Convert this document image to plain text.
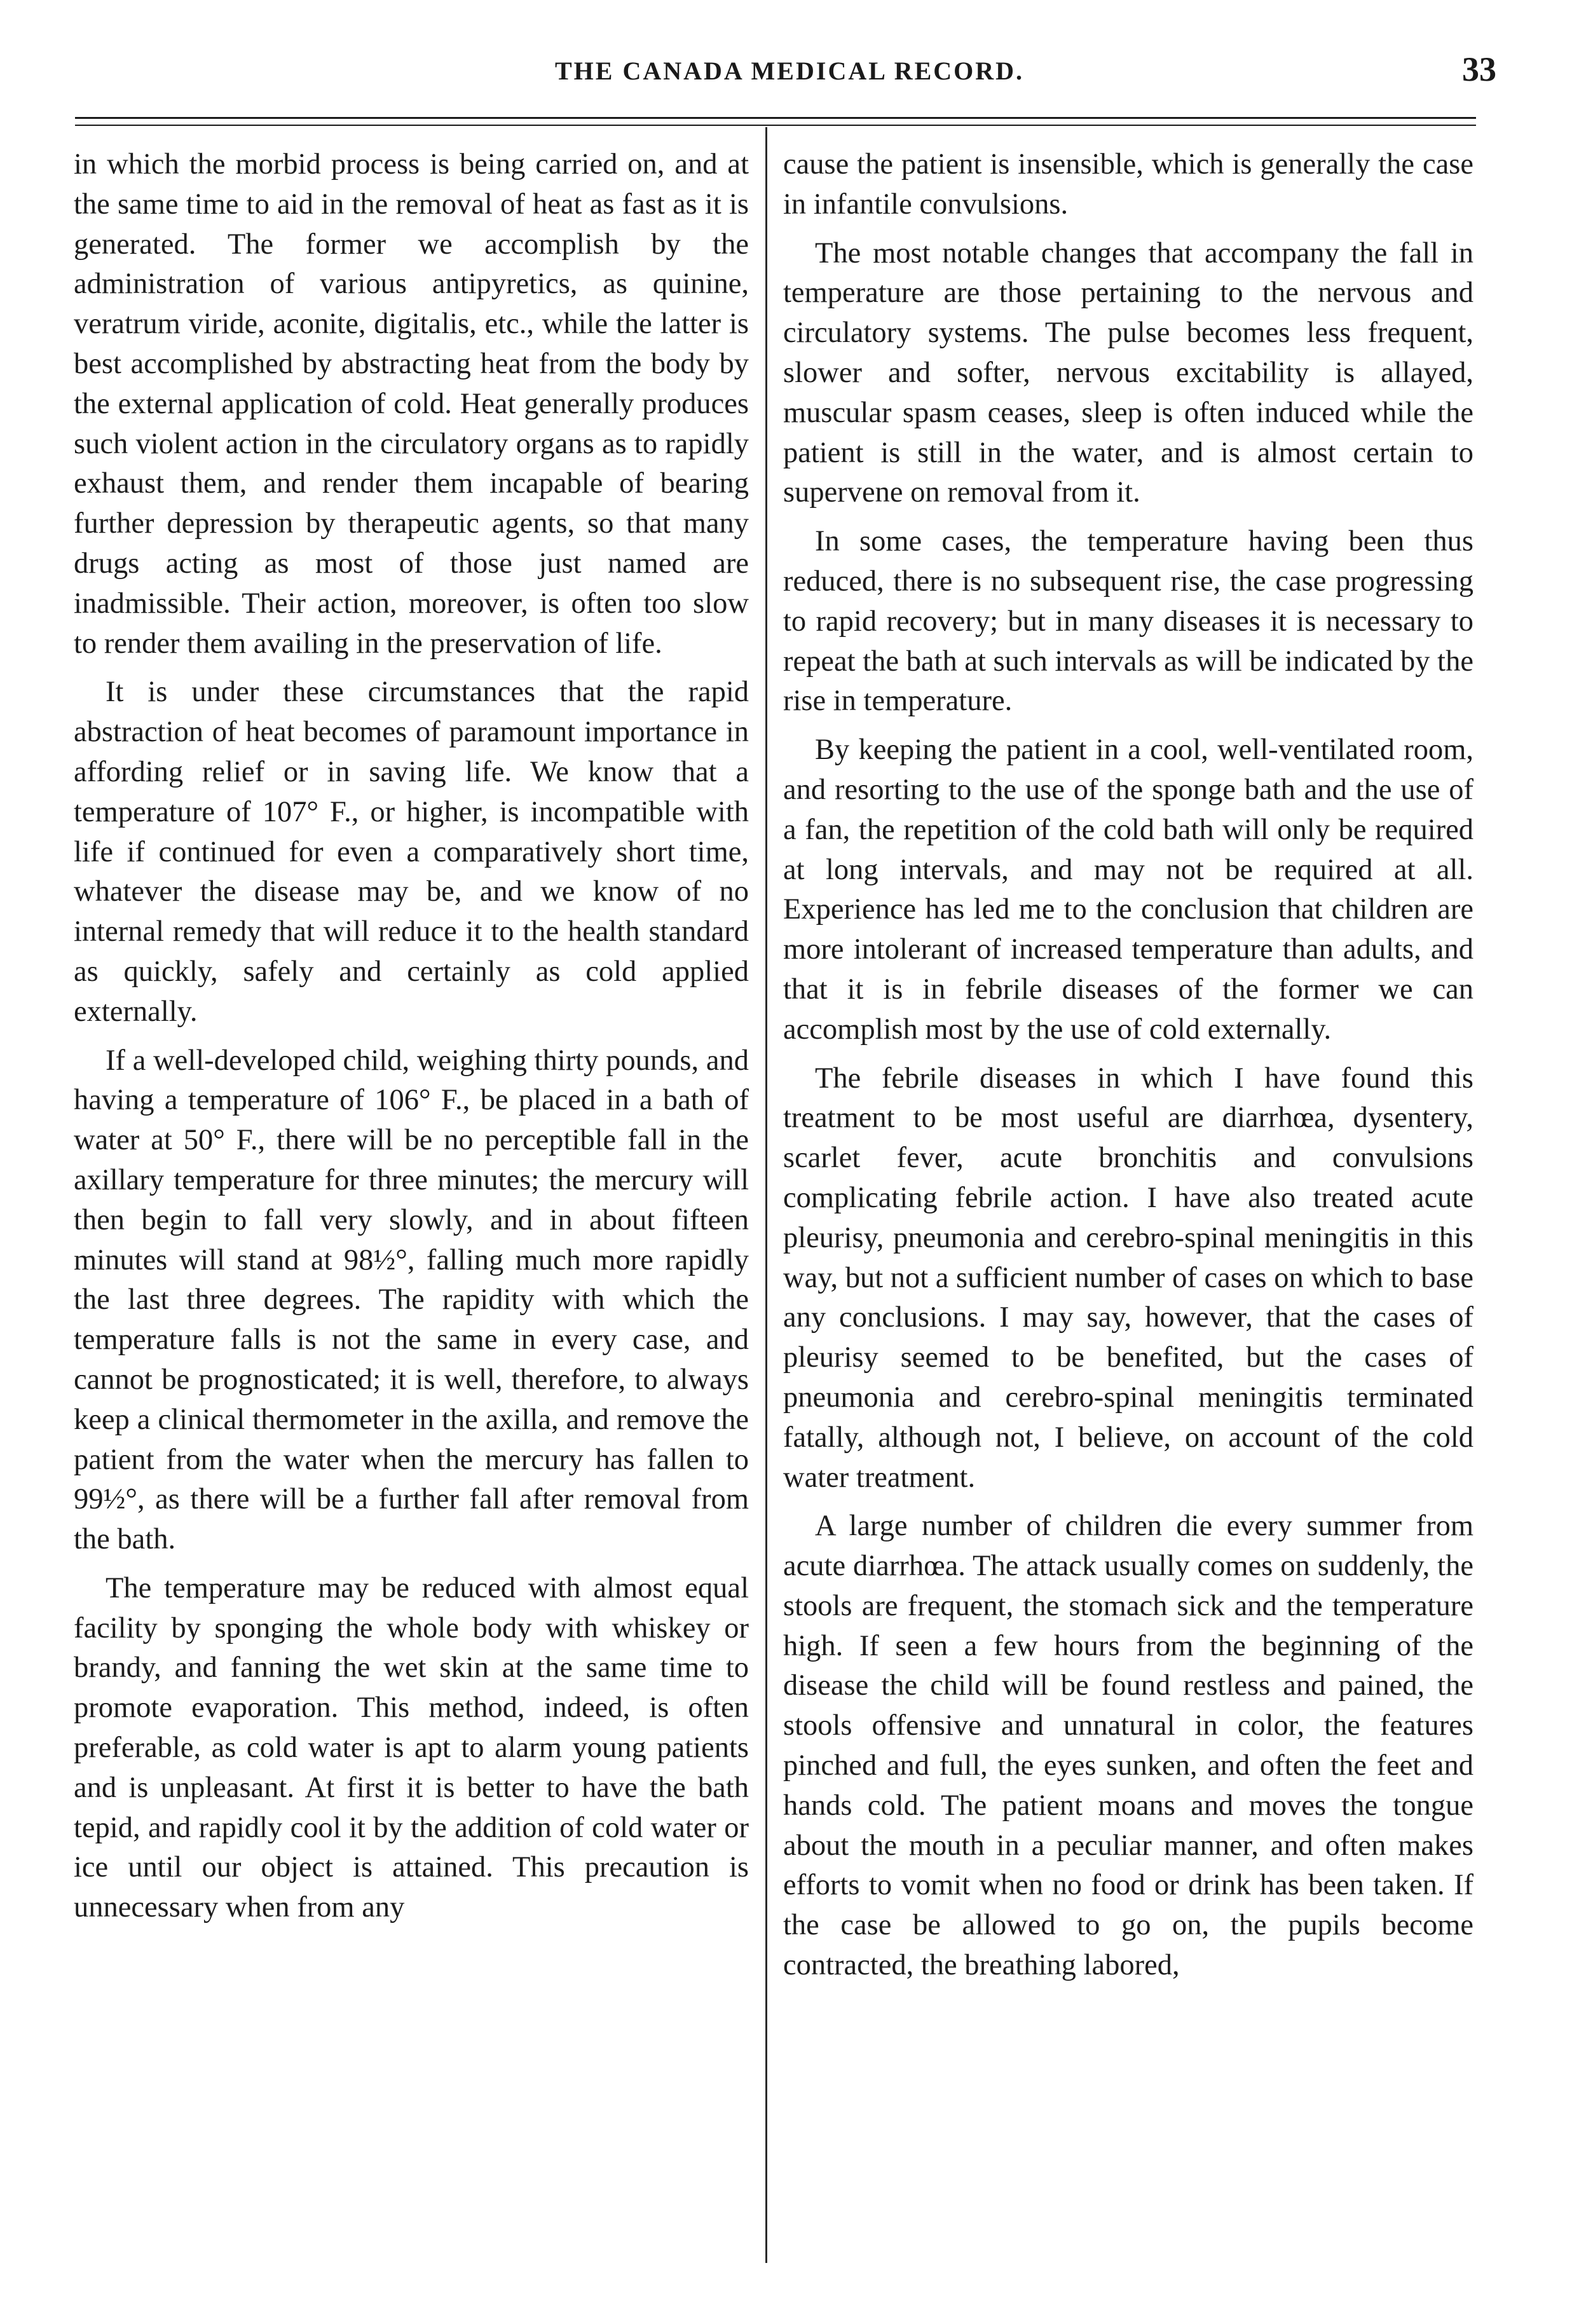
THE CANADA MEDICAL RECORD.	33

in which the morbid process is being carried on, and at the same time to aid in the removal of heat as fast as it is generated. The former we accomplish by the administration of various antipyretics, as quinine, veratrum viride, aconite, digitalis, etc., while the latter is best accomplished by abstracting heat from the body by the external application of cold. Heat generally produces such violent action in the circulatory organs as to rapidly exhaust them, and render them incapable of bearing further depression by therapeutic agents, so that many drugs acting as most of those just named are inadmissible. Their action, moreover, is often too slow to render them availing in the preservation of life.

It is under these circumstances that the rapid abstraction of heat becomes of paramount importance in affording relief or in saving life. We know that a temperature of 107° F., or higher, is incompatible with life if continued for even a comparatively short time, whatever the disease may be, and we know of no internal remedy that will reduce it to the health standard as quickly, safely and certainly as cold applied externally.

If a well-developed child, weighing thirty pounds, and having a temperature of 106° F., be placed in a bath of water at 50° F., there will be no perceptible fall in the axillary temperature for three minutes; the mercury will then begin to fall very slowly, and in about fifteen minutes will stand at 98½°, falling much more rapidly the last three degrees. The rapidity with which the temperature falls is not the same in every case, and cannot be prognosticated; it is well, therefore, to always keep a clinical thermometer in the axilla, and remove the patient from the water when the mercury has fallen to 99½°, as there will be a further fall after removal from the bath.

The temperature may be reduced with almost equal facility by sponging the whole body with whiskey or brandy, and fanning the wet skin at the same time to promote evaporation. This method, indeed, is often preferable, as cold water is apt to alarm young patients and is unpleasant. At first it is better to have the bath tepid, and rapidly cool it by the addition of cold water or ice until our object is attained. This precaution is unnecessary when from any

cause the patient is insensible, which is generally the case in infantile convulsions.

The most notable changes that accompany the fall in temperature are those pertaining to the nervous and circulatory systems. The pulse becomes less frequent, slower and softer, nervous excitability is allayed, muscular spasm ceases, sleep is often induced while the patient is still in the water, and is almost certain to supervene on removal from it.

In some cases, the temperature having been thus reduced, there is no subsequent rise, the case progressing to rapid recovery; but in many diseases it is necessary to repeat the bath at such intervals as will be indicated by the rise in temperature.

By keeping the patient in a cool, well-ventilated room, and resorting to the use of the sponge bath and the use of a fan, the repetition of the cold bath will only be required at long intervals, and may not be required at all. Experience has led me to the conclusion that children are more intolerant of increased temperature than adults, and that it is in febrile diseases of the former we can accomplish most by the use of cold externally.

The febrile diseases in which I have found this treatment to be most useful are diarrhœa, dysentery, scarlet fever, acute bronchitis and convulsions complicating febrile action. I have also treated acute pleurisy, pneumonia and cerebro-spinal meningitis in this way, but not a sufficient number of cases on which to base any conclusions. I may say, however, that the cases of pleurisy seemed to be benefited, but the cases of pneumonia and cerebro-spinal meningitis terminated fatally, although not, I believe, on account of the cold water treatment.

A large number of children die every summer from acute diarrhœa. The attack usually comes on suddenly, the stools are frequent, the stomach sick and the temperature high. If seen a few hours from the beginning of the disease the child will be found restless and pained, the stools offensive and unnatural in color, the features pinched and full, the eyes sunken, and often the feet and hands cold. The patient moans and moves the tongue about the mouth in a peculiar manner, and often makes efforts to vomit when no food or drink has been taken. If the case be allowed to go on, the pupils become contracted, the breathing labored,
